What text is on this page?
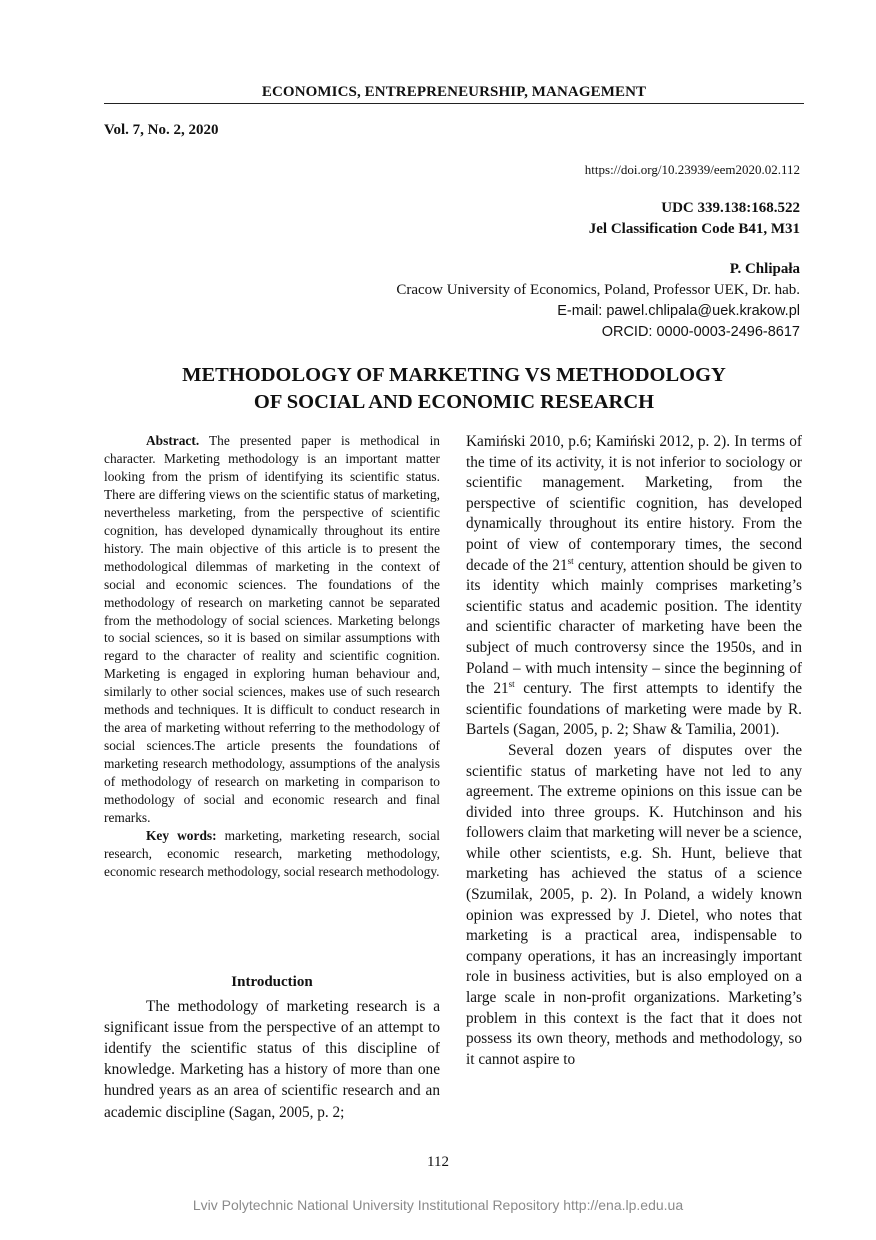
ECONOMICS, ENTREPRENEURSHIP, MANAGEMENT
Vol. 7, No. 2, 2020
https://doi.org/10.23939/eem2020.02.112
UDC 339.138:168.522
Jel Classification Code B41, M31
P. Chlipała
Cracow University of Economics, Poland, Professor UEK, Dr. hab.
E-mail: pawel.chlipala@uek.krakow.pl
ORCID: 0000-0003-2496-8617
METHODOLOGY OF MARKETING VS METHODOLOGY
OF SOCIAL AND ECONOMIC RESEARCH

Abstract. The presented paper is methodical in character. Marketing methodology is an important matter looking from the prism of identifying its scientific status. There are differing views on the scientific status of marketing, nevertheless marketing, from the perspective of scientific cognition, has developed dynamically throughout its entire history. The main objective of this article is to present the methodological dilemmas of marketing in the context of social and economic sciences. The foundations of the methodology of research on marketing cannot be separated from the methodology of social sciences. Marketing belongs to social sciences, so it is based on similar assumptions with regard to the character of reality and scientific cognition. Marketing is engaged in exploring human behaviour and, similarly to other social sciences, makes use of such research methods and techniques. It is difficult to conduct research in the area of marketing without referring to the methodology of social sciences.The article presents the foundations of marketing research methodology, assumptions of the analysis of methodology of research on marketing in comparison to methodology of social and economic research and final remarks.

Key words: marketing, marketing research, social research, economic research, marketing methodology, economic research methodology, social research methodology.

Introduction

The methodology of marketing research is a significant issue from the perspective of an attempt to identify the scientific status of this discipline of knowledge. Marketing has a history of more than one hundred years as an area of scientific research and an academic discipline (Sagan, 2005, p. 2;

Kamiński 2010, p.6; Kamiński 2012, p. 2). In terms of the time of its activity, it is not inferior to sociology or scientific management. Marketing, from the perspective of scientific cognition, has developed dynamically throughout its entire history. From the point of view of contemporary times, the second decade of the 21st century, attention should be given to its identity which mainly comprises marketing’s scientific status and academic position. The identity and scientific character of marketing have been the subject of much controversy since the 1950s, and in Poland – with much intensity – since the beginning of the 21st century. The first attempts to identify the scientific foundations of marketing were made by R. Bartels (Sagan, 2005, p. 2; Shaw & Tamilia, 2001).

Several dozen years of disputes over the scientific status of marketing have not led to any agreement. The extreme opinions on this issue can be divided into three groups. K. Hutchinson and his followers claim that marketing will never be a science, while other scientists, e.g. Sh. Hunt, believe that marketing has achieved the status of a science (Szumilak, 2005, p. 2). In Poland, a widely known opinion was expressed by J. Dietel, who notes that marketing is a practical area, indispensable to company operations, it has an increasingly important role in business activities, but is also employed on a large scale in non-profit organizations. Marketing’s problem in this context is the fact that it does not possess its own theory, methods and methodology, so it cannot aspire to

112
Lviv Polytechnic National University Institutional Repository http://ena.lp.edu.ua
